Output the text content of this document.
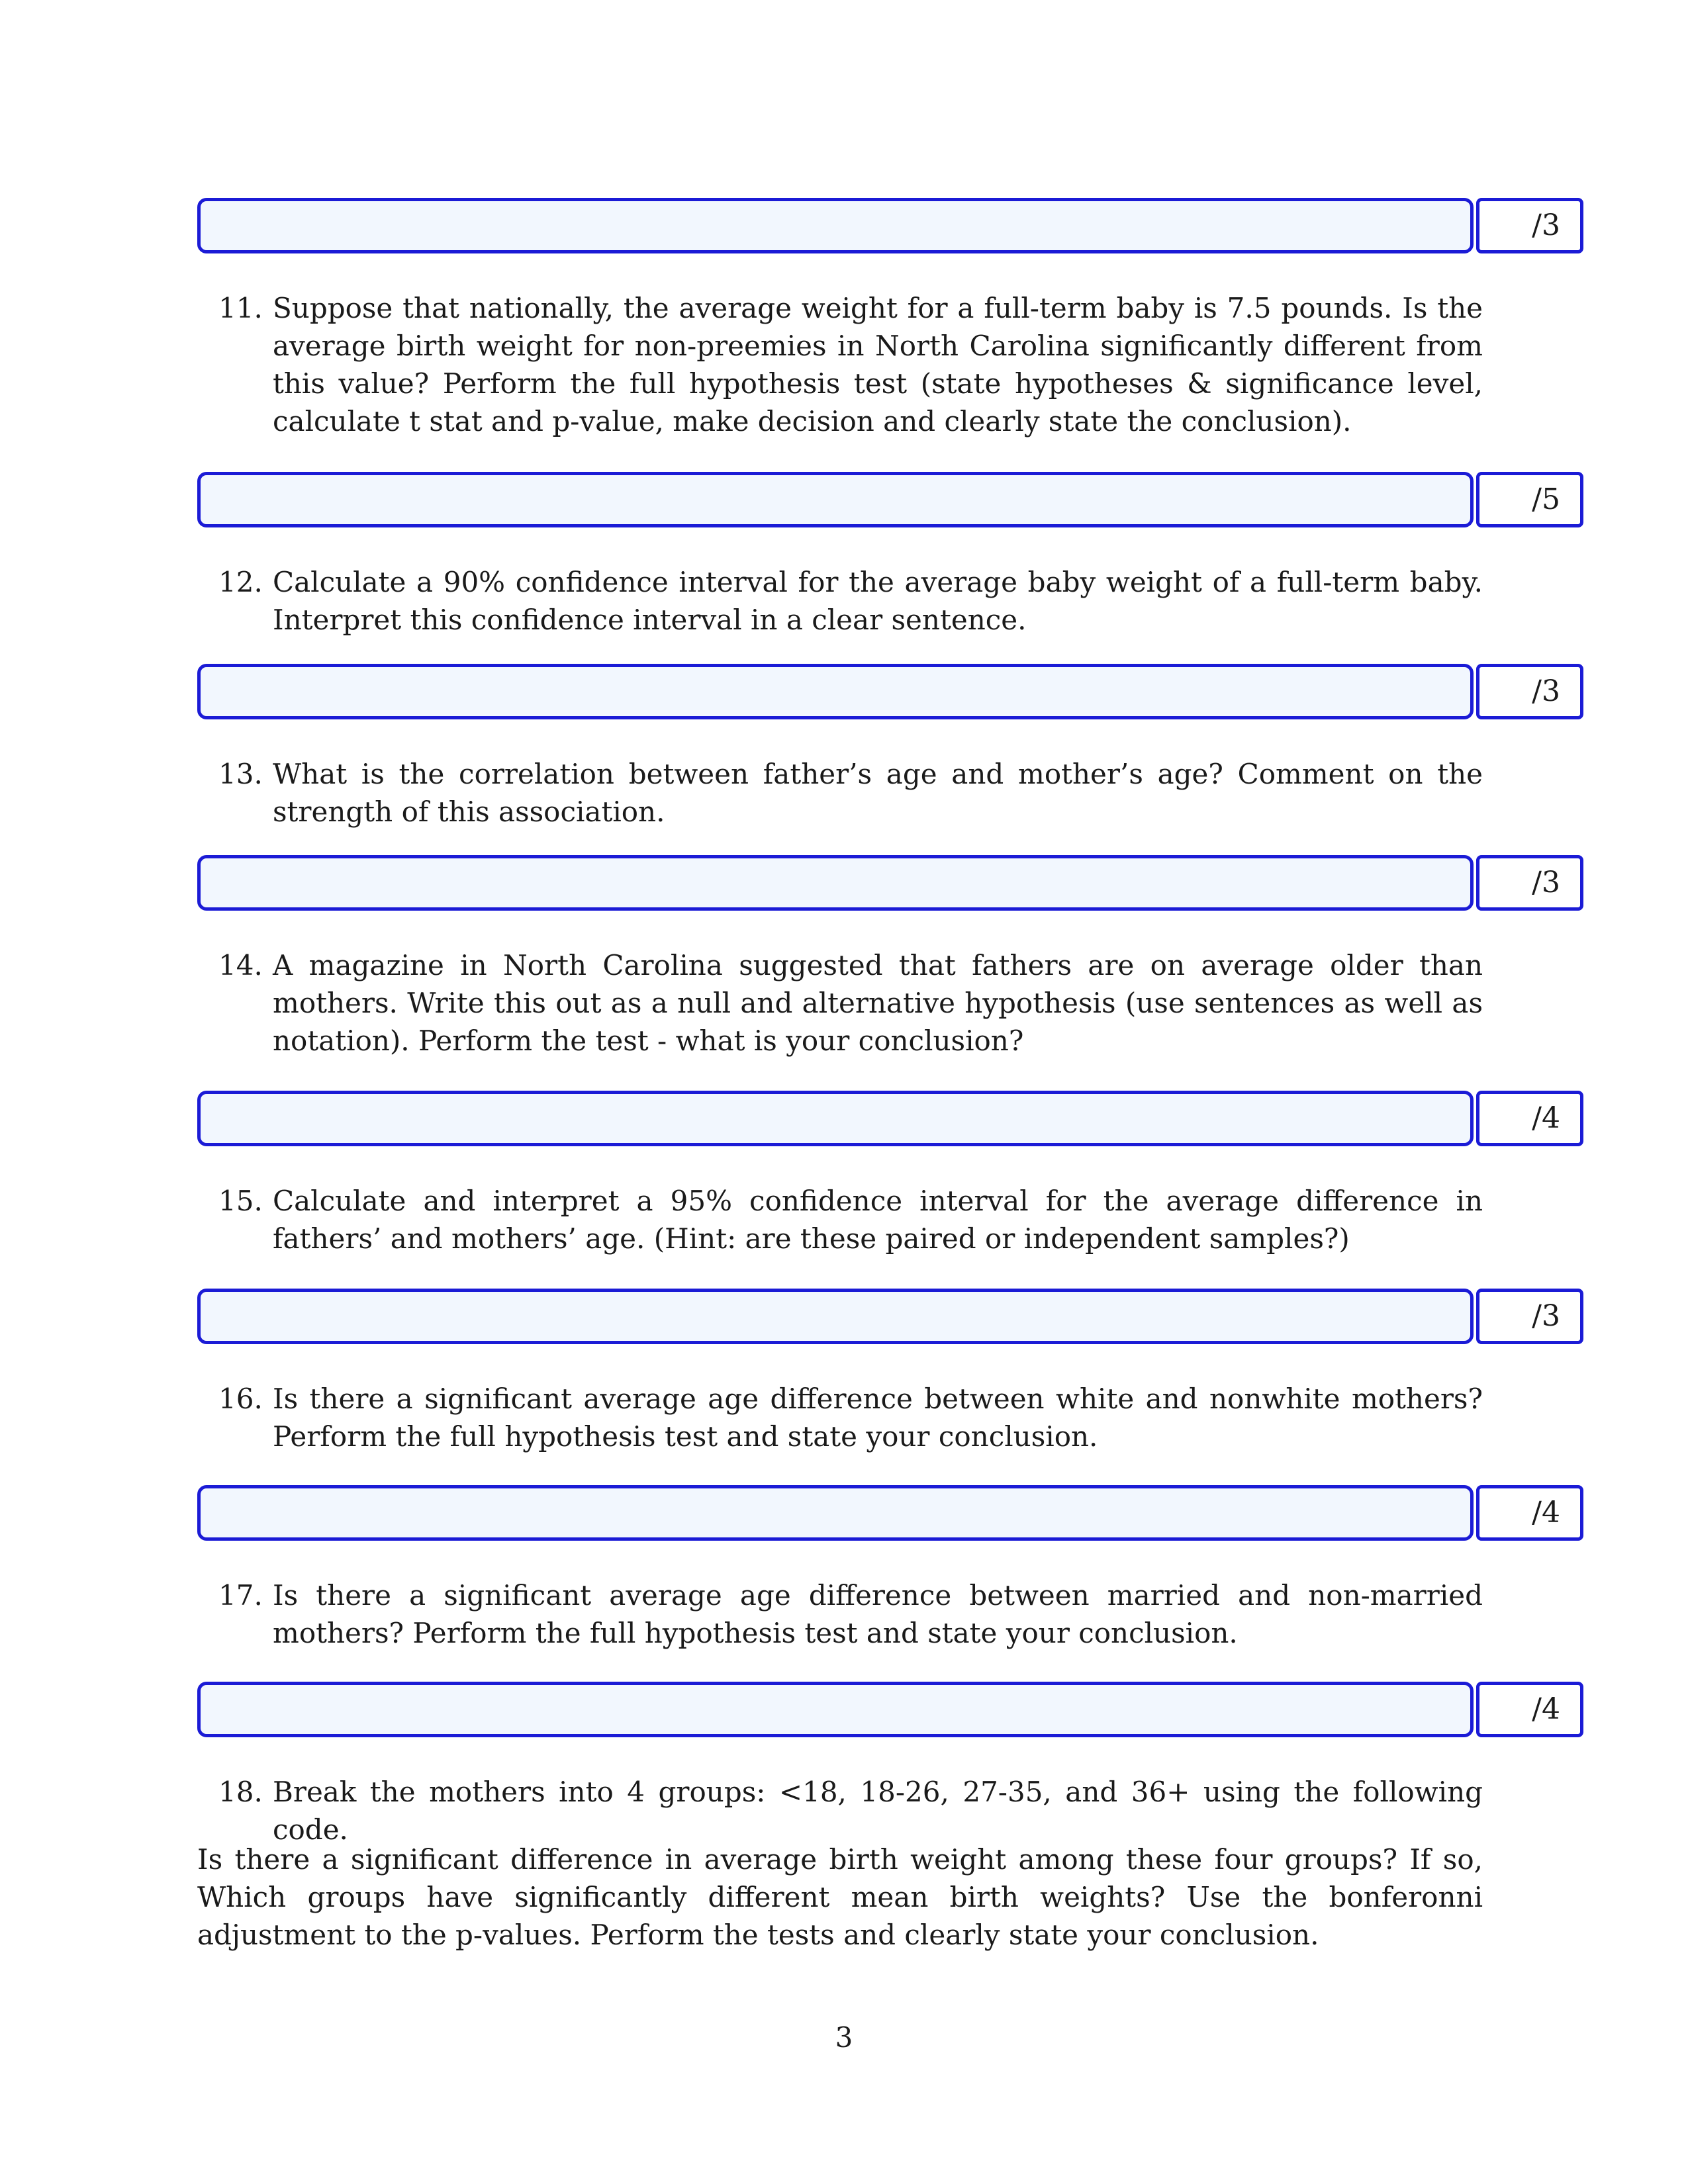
/3
11. Suppose that nationally, the average weight for a full-term baby is 7.5 pounds. Is the average birth weight for non-preemies in North Carolina significantly different from this value? Perform the full hypothesis test (state hypotheses & significance level, calculate t stat and p-value, make decision and clearly state the conclusion).
/5
12. Calculate a 90% confidence interval for the average baby weight of a full-term baby. Interpret this confidence interval in a clear sentence.
/3
13. What is the correlation between father’s age and mother’s age? Comment on the strength of this association.
/3
14. A magazine in North Carolina suggested that fathers are on average older than mothers. Write this out as a null and alternative hypothesis (use sentences as well as notation). Perform the test - what is your conclusion?
/4
15. Calculate and interpret a 95% confidence interval for the average difference in fathers’ and mothers’ age. (Hint: are these paired or independent samples?)
/3
16. Is there a significant average age difference between white and nonwhite mothers? Perform the full hypothesis test and state your conclusion.
/4
17. Is there a significant average age difference between married and non-married mothers? Perform the full hypothesis test and state your conclusion.
/4
18. Break the mothers into 4 groups: <18, 18-26, 27-35, and 36+ using the following code.
Is there a significant difference in average birth weight among these four groups? If so, Which groups have significantly different mean birth weights? Use the bonferonni adjustment to the p-values. Perform the tests and clearly state your conclusion.
3
